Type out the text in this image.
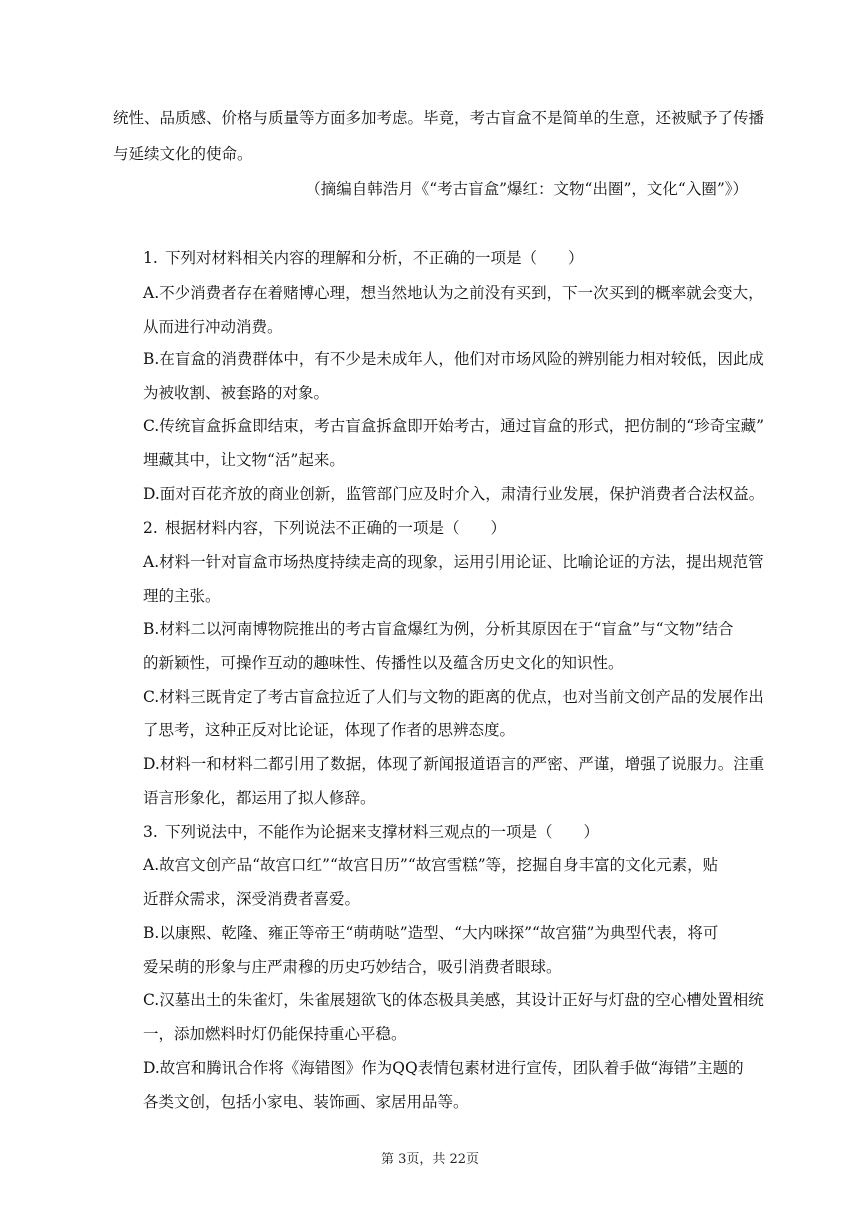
统性、品质感、价格与质量等方面多加考虑。毕竟，考古盲盒不是简单的生意，还被赋予了传播
与延续文化的使命。
（摘编自韩浩月《“考古盲盒”爆红：文物“出圈”，文化“入圈”》）
1. 下列对材料相关内容的理解和分析，不正确的一项是（　　）
A.不少消费者存在着赌博心理，想当然地认为之前没有买到，下一次买到的概率就会变大，
从而进行冲动消费。
B.在盲盒的消费群体中，有不少是未成年人，他们对市场风险的辨别能力相对较低，因此成
为被收割、被套路的对象。
C.传统盲盒拆盒即结束，考古盲盒拆盒即开始考古，通过盲盒的形式，把仿制的“珍奇宝藏”
埋藏其中，让文物“活”起来。
D.面对百花齐放的商业创新，监管部门应及时介入，肃清行业发展，保护消费者合法权益。
2. 根据材料内容，下列说法不正确的一项是（　　）
A.材料一针对盲盒市场热度持续走高的现象，运用引用论证、比喻论证的方法，提出规范管
理的主张。
B.材料二以河南博物院推出的考古盲盒爆红为例，分析其原因在于“盲盒”与“文物”结合
的新颖性，可操作互动的趣味性、传播性以及蕴含历史文化的知识性。
C.材料三既肯定了考古盲盒拉近了人们与文物的距离的优点，也对当前文创产品的发展作出
了思考，这种正反对比论证，体现了作者的思辨态度。
D.材料一和材料二都引用了数据，体现了新闻报道语言的严密、严谨，增强了说服力。注重
语言形象化，都运用了拟人修辞。
3. 下列说法中，不能作为论据来支撑材料三观点的一项是（　　）
A.故宫文创产品“故宫口红”“故宫日历”“故宫雪糕”等，挖掘自身丰富的文化元素，贴
近群众需求，深受消费者喜爱。
B.以康熙、乾隆、雍正等帝王“萌萌哒”造型、“大内咪探”“故宫猫”为典型代表，将可
爱呆萌的形象与庄严肃穆的历史巧妙结合，吸引消费者眼球。
C.汉墓出土的朱雀灯，朱雀展翅欲飞的体态极具美感，其设计正好与灯盘的空心槽处置相统
一，添加燃料时灯仍能保持重心平稳。
D.故宫和腾讯合作将《海错图》作为QQ表情包素材进行宣传，团队着手做“海错”主题的
各类文创，包括小家电、装饰画、家居用品等。
第 3页，共 22页
